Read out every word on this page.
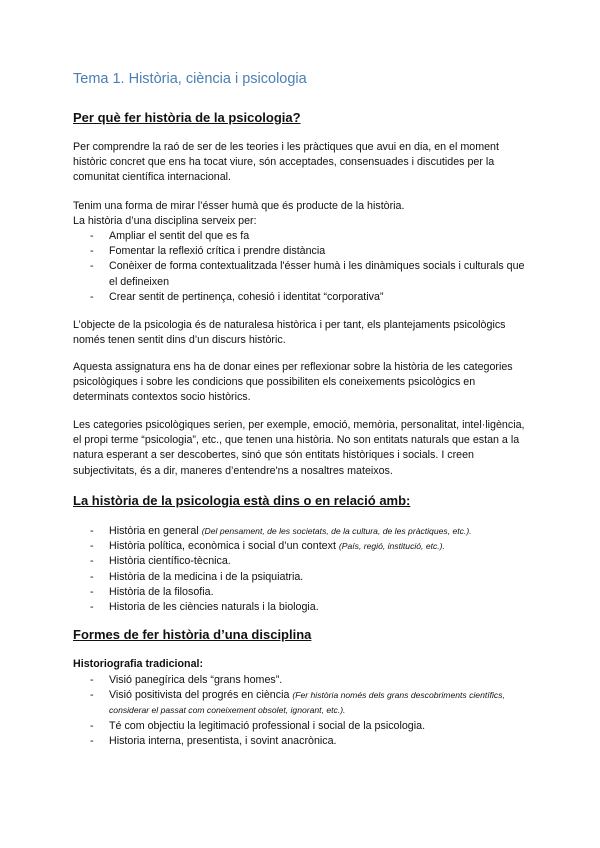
Tema 1. Història, ciència i psicologia
Per què fer història de la psicologia?

Per comprendre la raó de ser de les teories i les pràctiques que avui en dia, en el moment històric concret que ens ha tocat viure, són acceptades, consensuades i discutides per la comunitat científica internacional.

Tenim una forma de mirar l’ésser humà que és producte de la història.

La història d’una disciplina serveix per:

- Ampliar el sentit del que es fa
- Fomentar la reflexió crítica i prendre distància
- Conèixer de forma contextualitzada l'ésser humà i les dinàmiques socials i culturals que el defineixen
- Crear sentit de pertinença, cohesió i identitat “corporativa”

L’objecte de la psicologia és de naturalesa històrica i per tant, els plantejaments psicològics només tenen sentit dins d’un discurs històric.

Aquesta assignatura ens ha de donar eines per reflexionar sobre la història de les categories psicològiques i sobre les condicions que possibiliten els coneixements psicològics en determinats contextos socio històrics.

Les categories psicològiques serien, per exemple, emoció, memòria, personalitat, intel·ligència, el propi terme “psicologia”, etc., que tenen una història. No son entitats naturals que estan a la natura esperant a ser descobertes, sinó que són entitats històriques i socials. I creen subjectivitats, és a dir, maneres d’entendre'ns a nosaltres mateixos.

La història de la psicologia està dins o en relació amb:
- Història en general (Del pensament, de les societats, de la cultura, de les pràctiques, etc.).
- Història política, econòmica i social d’un context (País, regió, institució, etc.).
- Història científico-tècnica.
- Història de la medicina i de la psiquiatria.
- Història de la filosofia.
- Historia de les ciències naturals i la biologia.
Formes de fer història d’una disciplina
Historiografia tradicional:
- Visió panegírica dels “grans homes”.
- Visió positivista del progrés en ciència (Fer història només dels grans descobriments científics, considerar el passat com coneixement obsolet, ignorant, etc.).
- Té com objectiu la legitimació professional i social de la psicologia.
- Historia interna, presentista, i sovint anacrònica.
